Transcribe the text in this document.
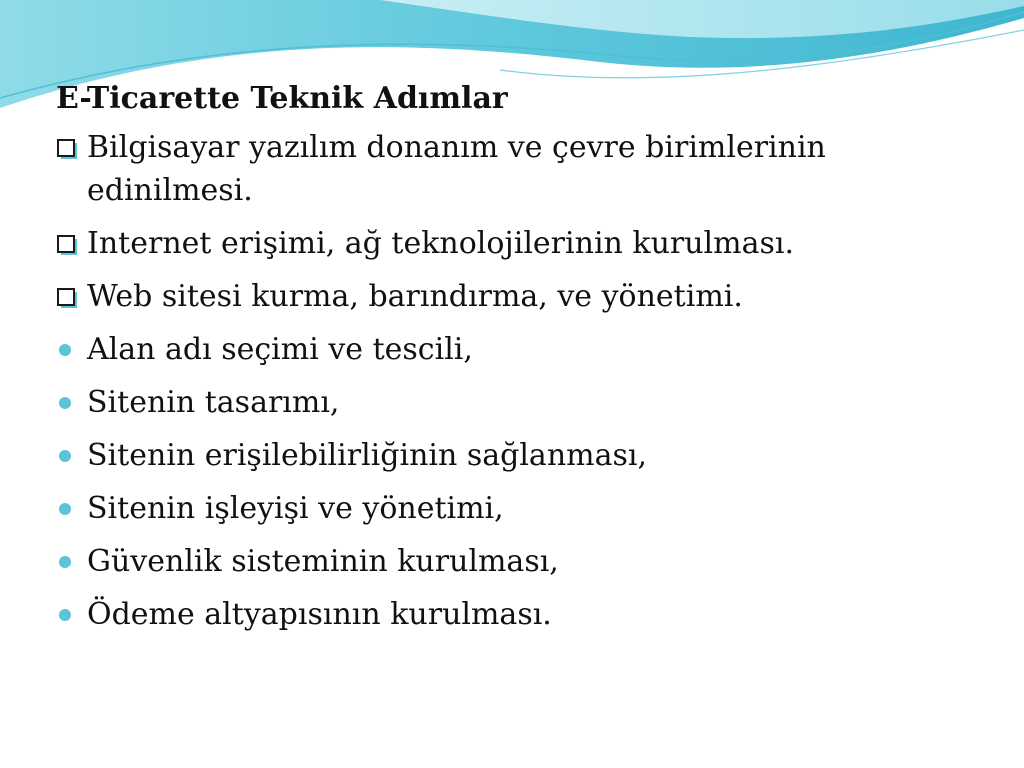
E-Ticarette Teknik Adımlar
Bilgisayar yazılım donanım ve çevre birimlerinin edinilmesi.
Internet erişimi, ağ teknolojilerinin kurulması.
Web sitesi kurma, barındırma, ve yönetimi.
Alan adı seçimi ve tescili,
Sitenin tasarımı,
Sitenin erişilebilirliğinin sağlanması,
Sitenin işleyişi ve yönetimi,
Güvenlik sisteminin kurulması,
Ödeme altyapısının kurulması.
